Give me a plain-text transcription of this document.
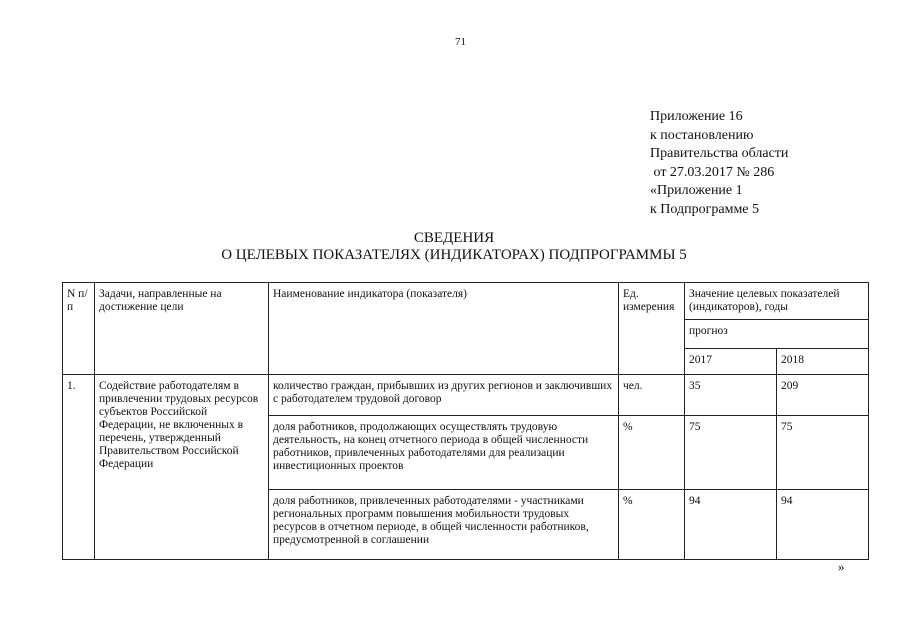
71
Приложение 16
к постановлению
Правительства области
от 27.03.2017 № 286
«Приложение 1
к Подпрограмме 5
СВЕДЕНИЯ
О ЦЕЛЕВЫХ ПОКАЗАТЕЛЯХ (ИНДИКАТОРАХ) ПОДПРОГРАММЫ 5
N п/п	Задачи, направленные на достижение цели	Наименование индикатора (показателя)	Ед. измерения	Значение целевых показателей (индикаторов), годы	
				прогноз	
				2017	2018
1.	Содействие работодателям в привлечении трудовых ресурсов субъектов Российской Федерации, не включенных в перечень, утвержденный Правительством Российской Федерации	количество граждан, прибывших из других регионов и заключивших с работодателем трудовой договор	чел.	35	209
		доля работников, продолжающих осуществлять трудовую деятельность, на конец отчетного периода в общей численности работников, привлеченных работодателями для реализации инвестиционных проектов	%	75	75
		доля работников, привлеченных работодателями - участниками региональных программ повышения мобильности трудовых ресурсов в отчетном периоде, в общей численности работников, предусмотренной в соглашении	%	94	94
»
